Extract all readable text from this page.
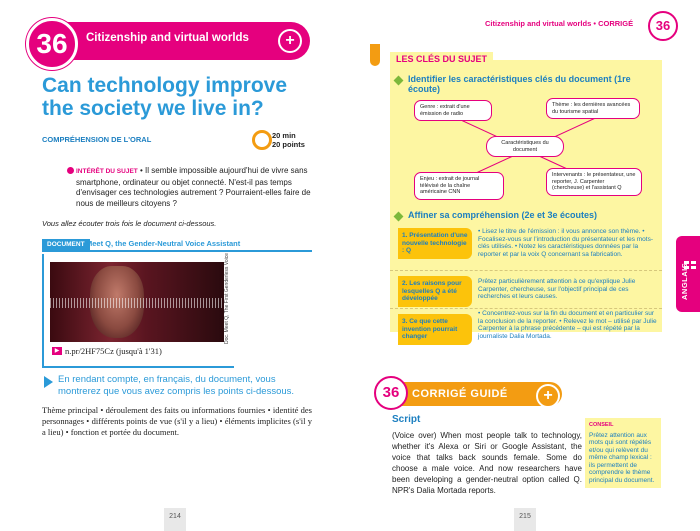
36	Citizenship and virtual worlds	+
Can technology improve the society we live in?
COMPRÉHENSION DE L'ORAL	20 min
20 points
INTÉRÊT DU SUJET • Il semble impossible aujourd'hui de vivre sans smartphone, ordinateur ou objet connecté. N'est-il pas temps d'envisager ces technologies autrement ? Pourraient-elles faire de nous de meilleurs citoyens ?
Vous allez écouter trois fois le document ci-dessous.
DOCUMENT Meet Q, the Gender-Neutral Voice Assistant
Doc. Meet Q, The First Genderless Voice
▶ n.pr/2HF75Cz (jusqu'à 1'31)
En rendant compte, en français, du document, vous montrerez que vous avez compris les points ci-dessous.
Thème principal • déroulement des faits ou informations fournies • identité des personnages • différents points de vue (s'il y a lieu) • éléments implicites (s'il y a lieu) • fonction et portée du document.
214
Citizenship and virtual worlds • CORRIGÉ	36
LES CLÉS DU SUJET
Identifier les caractéristiques clés du document (1re écoute)
Genre : extrait d'une émission de radio
Thème : les dernières avancées du tourisme spatial
Caractéristiques du document
Enjeu : extrait de journal télévisé de la chaîne américaine CNN
Intervenants : le présentateur, une reporter, J. Carpenter (chercheuse) et l'assistant Q
Affiner sa compréhension (2e et 3e écoutes)
1. Présentation d'une nouvelle technologie : Q
• Lisez le titre de l'émission : il vous annonce son thème. • Focalisez-vous sur l'introduction du présentateur et les mots-clés utilisés. • Notez les caractéristiques données par la reporter et par la voix Q concernant sa fabrication.
2. Les raisons pour lesquelles Q a été développée
Prêtez particulièrement attention à ce qu'explique Julie Carpenter, chercheuse, sur l'objectif principal de ces recherches et leurs causes.
3. Ce que cette invention pourrait changer
• Concentrez-vous sur la fin du document et en particulier sur la conclusion de la reporter. • Relevez le mot – utilisé par Julie Carpenter à la phrase précédente – qui est répété par la journaliste Dalia Mortada.
36	CORRIGÉ GUIDÉ	+
Script
(Voice over) When most people talk to technology, whether it's Alexa or Siri or Google Assistant, the voice that talks back sounds female. Some do choose a male voice. And now researchers have been developing a gender-neutral option called Q. NPR's Dalia Mortada reports.
CONSEIL
Prêtez attention aux mots qui sont répétés et/ou qui relèvent du même champ lexical : ils permettent de comprendre le thème principal du document.
ANGLAIS
215
